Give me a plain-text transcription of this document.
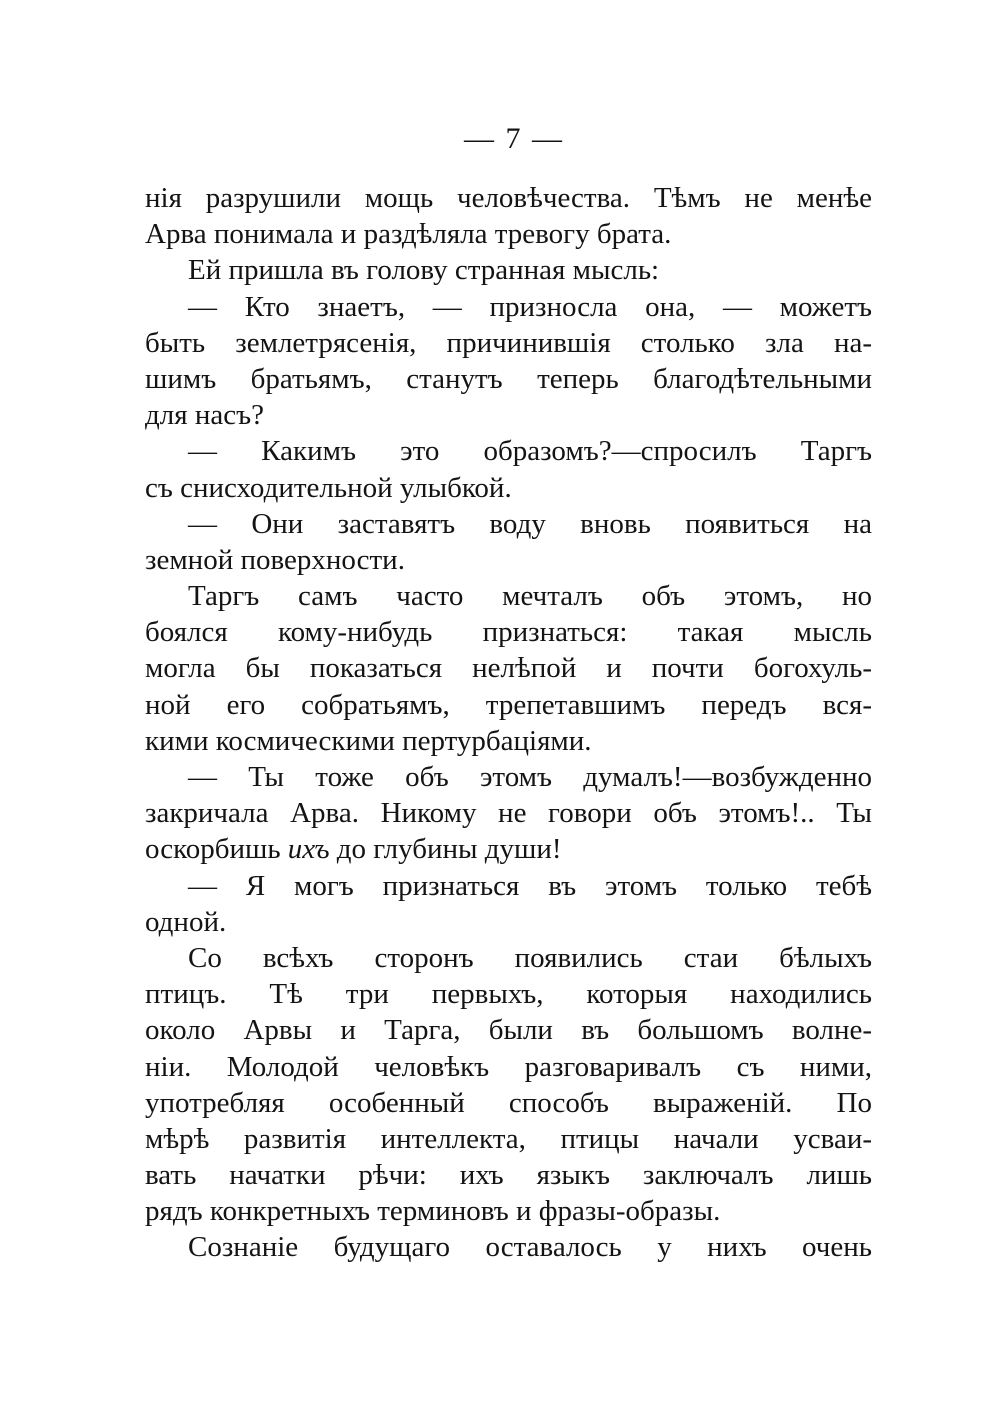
— 7 —
нія разрушили мощь человѣчества. Тѣмъ не менѣе
Арва понимала и раздѣляла тревогу брата.
Ей пришла въ голову странная мысль:
— Кто знаетъ, — призносла она, — можетъ
быть землетрясенія, причинившія столько зла на-
шимъ братьямъ, станутъ теперь благодѣтельными
для насъ?
— Какимъ это образомъ?—спросилъ Таргъ
съ снисходительной улыбкой.
— Они заставятъ воду вновь появиться на
земной поверхности.
Таргъ самъ часто мечталъ объ этомъ, но
боялся кому-нибудь признаться: такая мысль
могла бы показаться нелѣпой и почти богохуль-
ной его собратьямъ, трепетавшимъ передъ вся-
кими космическими пертурбаціями.
— Ты тоже объ этомъ думалъ!—возбужденно
закричала Арва. Никому не говори объ этомъ!.. Ты
оскорбишь ихъ до глубины души!
— Я могъ признаться въ этомъ только тебѣ
одной.
Со всѣхъ сторонъ появились стаи бѣлыхъ
птицъ. Тѣ три первыхъ, которыя находились
около Арвы и Тарга, были въ большомъ волне-
ніи. Молодой человѣкъ разговаривалъ съ ними,
употребляя особенный способъ выраженій. По
мѣрѣ развитія интеллекта, птицы начали усваи-
вать начатки рѣчи: ихъ языкъ заключалъ лишь
рядъ конкретныхъ терминовъ и фразы-образы.
Сознаніе будущаго оставалось у нихъ очень
